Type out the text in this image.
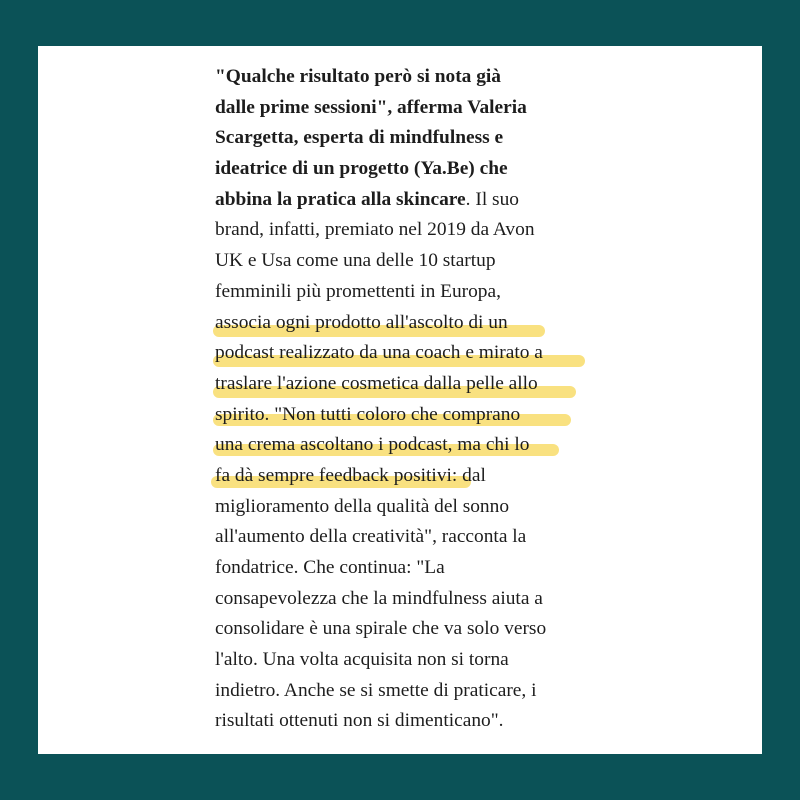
"Qualche risultato però si nota già
dalle prime sessioni", afferma Valeria
Scargetta, esperta di mindfulness e
ideatrice di un progetto (Ya.Be) che
abbina la pratica alla skincare. Il suo
brand, infatti, premiato nel 2019 da Avon
UK e Usa come una delle 10 startup
femminili più promettenti in Europa,
associa ogni prodotto all'ascolto di un
podcast realizzato da una coach e mirato a
traslare l'azione cosmetica dalla pelle allo
spirito. "Non tutti coloro che comprano
una crema ascoltano i podcast, ma chi lo
fa dà sempre feedback positivi: dal
miglioramento della qualità del sonno
all'aumento della creatività", racconta la
fondatrice. Che continua: "La
consapevolezza che la mindfulness aiuta a
consolidare è una spirale che va solo verso
l'alto. Una volta acquisita non si torna
indietro. Anche se si smette di praticare, i
risultati ottenuti non si dimenticano".
